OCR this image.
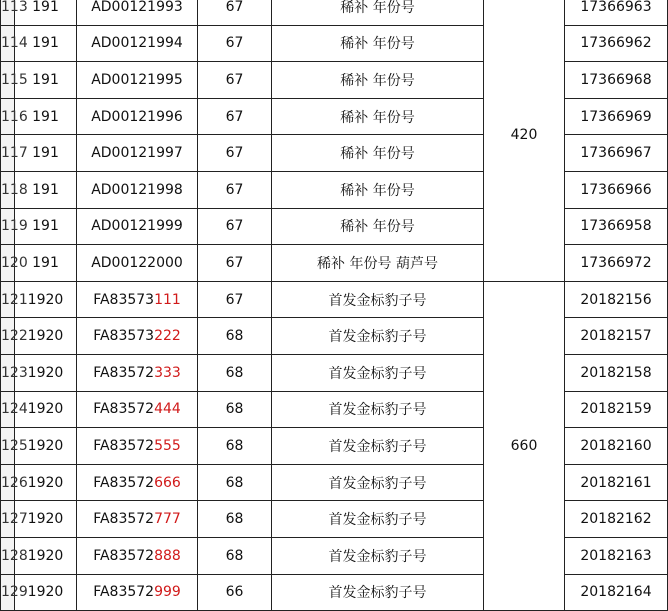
113	191	AD00121993	67	稀补 年份号	420	17366963
114	191	AD00121994	67	稀补 年份号		17366962
115	191	AD00121995	67	稀补 年份号		17366968
116	191	AD00121996	67	稀补 年份号		17366969
117	191	AD00121997	67	稀补 年份号		17366967
118	191	AD00121998	67	稀补 年份号		17366966
119	191	AD00121999	67	稀补 年份号		17366958
120	191	AD00122000	67	稀补 年份号 葫芦号		17366972
121	1920	FA83573111	67	首发金标豹子号	660	20182156
122	1920	FA83573222	68	首发金标豹子号		20182157
123	1920	FA83572333	68	首发金标豹子号		20182158
124	1920	FA83572444	68	首发金标豹子号		20182159
125	1920	FA83572555	68	首发金标豹子号		20182160
126	1920	FA83572666	68	首发金标豹子号		20182161
127	1920	FA83572777	68	首发金标豹子号		20182162
128	1920	FA83572888	68	首发金标豹子号		20182163
129	1920	FA83572999	66	首发金标豹子号		20182164
